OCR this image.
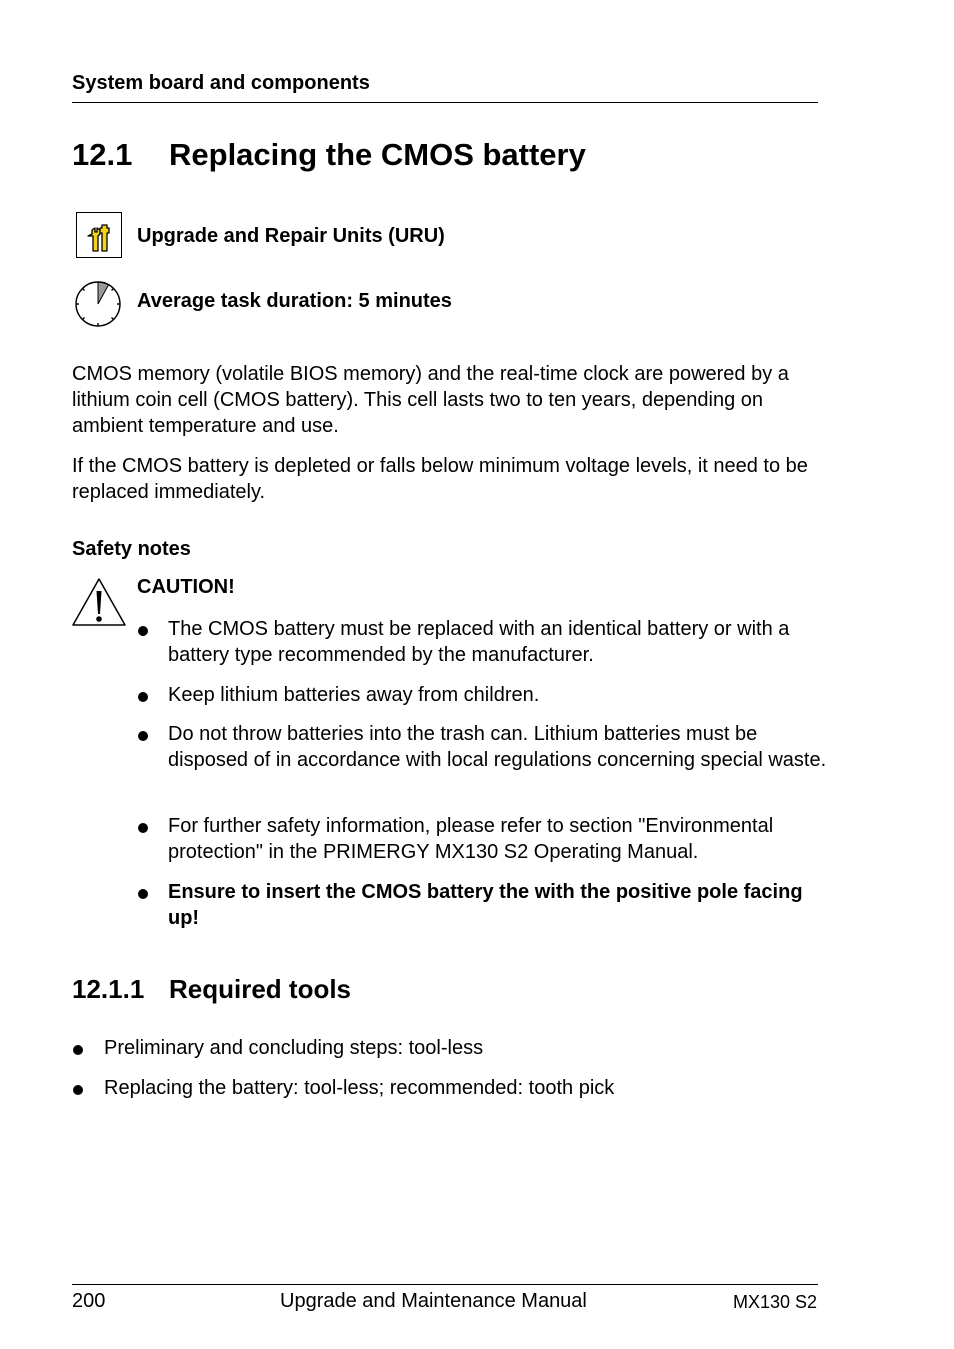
System board and components
12.1 Replacing the CMOS battery
Upgrade and Repair Units (URU)
Average task duration: 5 minutes
CMOS memory (volatile BIOS memory) and the real-time clock are powered by a lithium coin cell (CMOS battery). This cell lasts two to ten years, depending on ambient temperature and use.
If the CMOS battery is depleted or falls below minimum voltage levels, it need to be replaced immediately.
Safety notes
CAUTION!
The CMOS battery must be replaced with an identical battery or with a battery type recommended by the manufacturer.
Keep lithium batteries away from children.
Do not throw batteries into the trash can. Lithium batteries must be disposed of in accordance with local regulations concerning special waste.
For further safety information, please refer to section "Environmental protection" in the PRIMERGY MX130 S2 Operating Manual.
Ensure to insert the CMOS battery the with the positive pole facing up!
12.1.1 Required tools
Preliminary and concluding steps: tool-less
Replacing the battery: tool-less; recommended: tooth pick
200	Upgrade and Maintenance Manual	MX130 S2
